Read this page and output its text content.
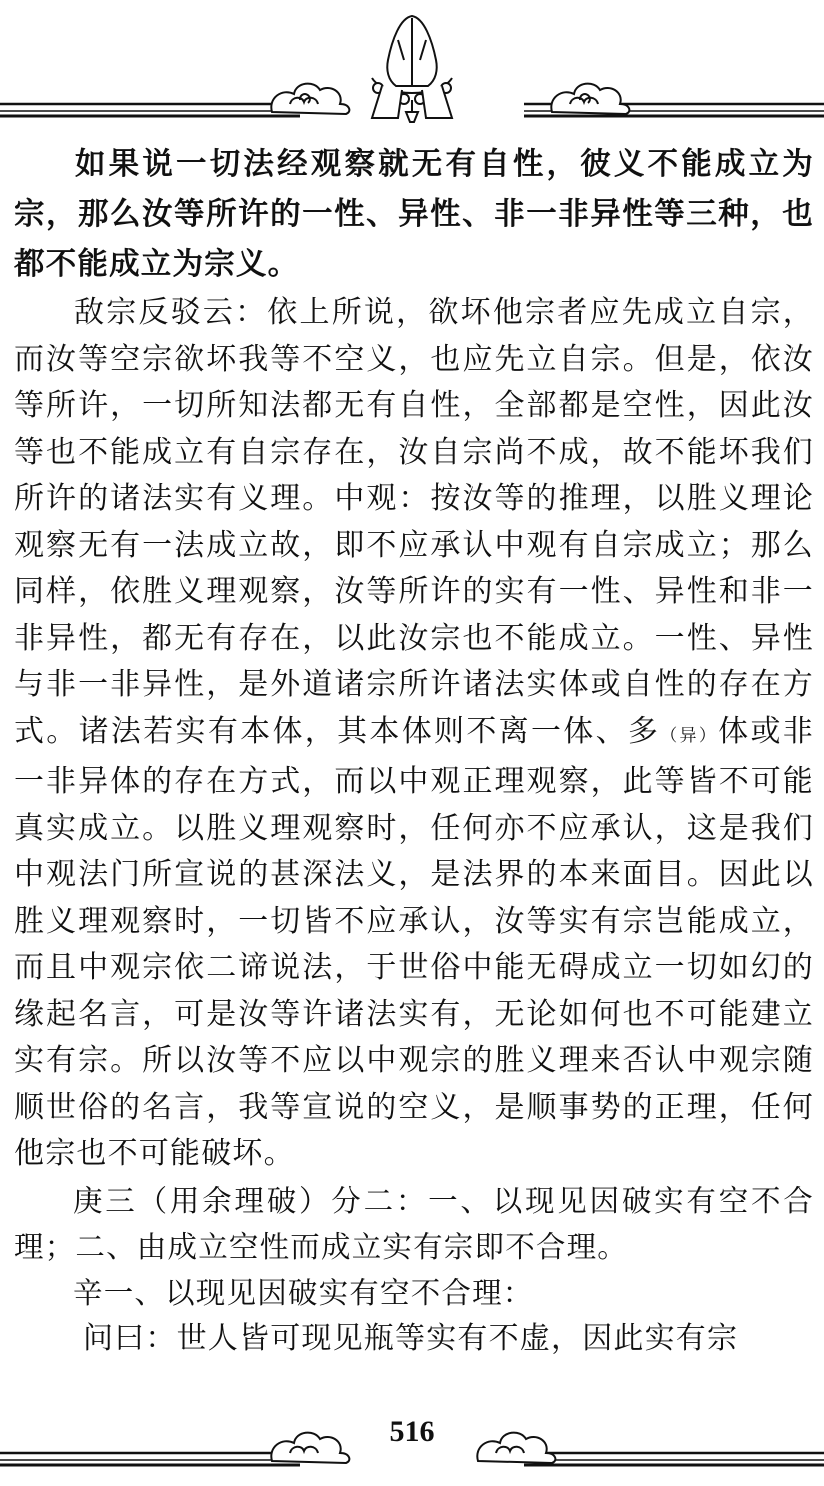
如果说一切法经观察就无有自性，彼义不能成立为宗，那么汝等所许的一性、异性、非一非异性等三种，也都不能成立为宗义。

敌宗反驳云：依上所说，欲坏他宗者应先成立自宗，而汝等空宗欲坏我等不空义，也应先立自宗。但是，依汝等所许，一切所知法都无有自性，全部都是空性，因此汝等也不能成立有自宗存在，汝自宗尚不成，故不能坏我们所许的诸法实有义理。中观：按汝等的推理，以胜义理论观察无有一法成立故，即不应承认中观有自宗成立；那么同样，依胜义理观察，汝等所许的实有一性、异性和非一非异性，都无有存在，以此汝宗也不能成立。一性、异性与非一非异性，是外道诸宗所许诸法实体或自性的存在方式。诸法若实有本体，其本体则不离一体、多（异）体或非一非异体的存在方式，而以中观正理观察，此等皆不可能真实成立。以胜义理观察时，任何亦不应承认，这是我们中观法门所宣说的甚深法义，是法界的本来面目。因此以胜义理观察时，一切皆不应承认，汝等实有宗岂能成立，而且中观宗依二谛说法，于世俗中能无碍成立一切如幻的缘起名言，可是汝等许诸法实有，无论如何也不可能建立实有宗。所以汝等不应以中观宗的胜义理来否认中观宗随顺世俗的名言，我等宣说的空义，是顺事势的正理，任何他宗也不可能破坏。

庚三（用余理破）分二：一、以现见因破实有空不合理；二、由成立空性而成立实有宗即不合理。

辛一、以现见因破实有空不合理：

问曰：世人皆可现见瓶等实有不虚，因此实有宗

516
